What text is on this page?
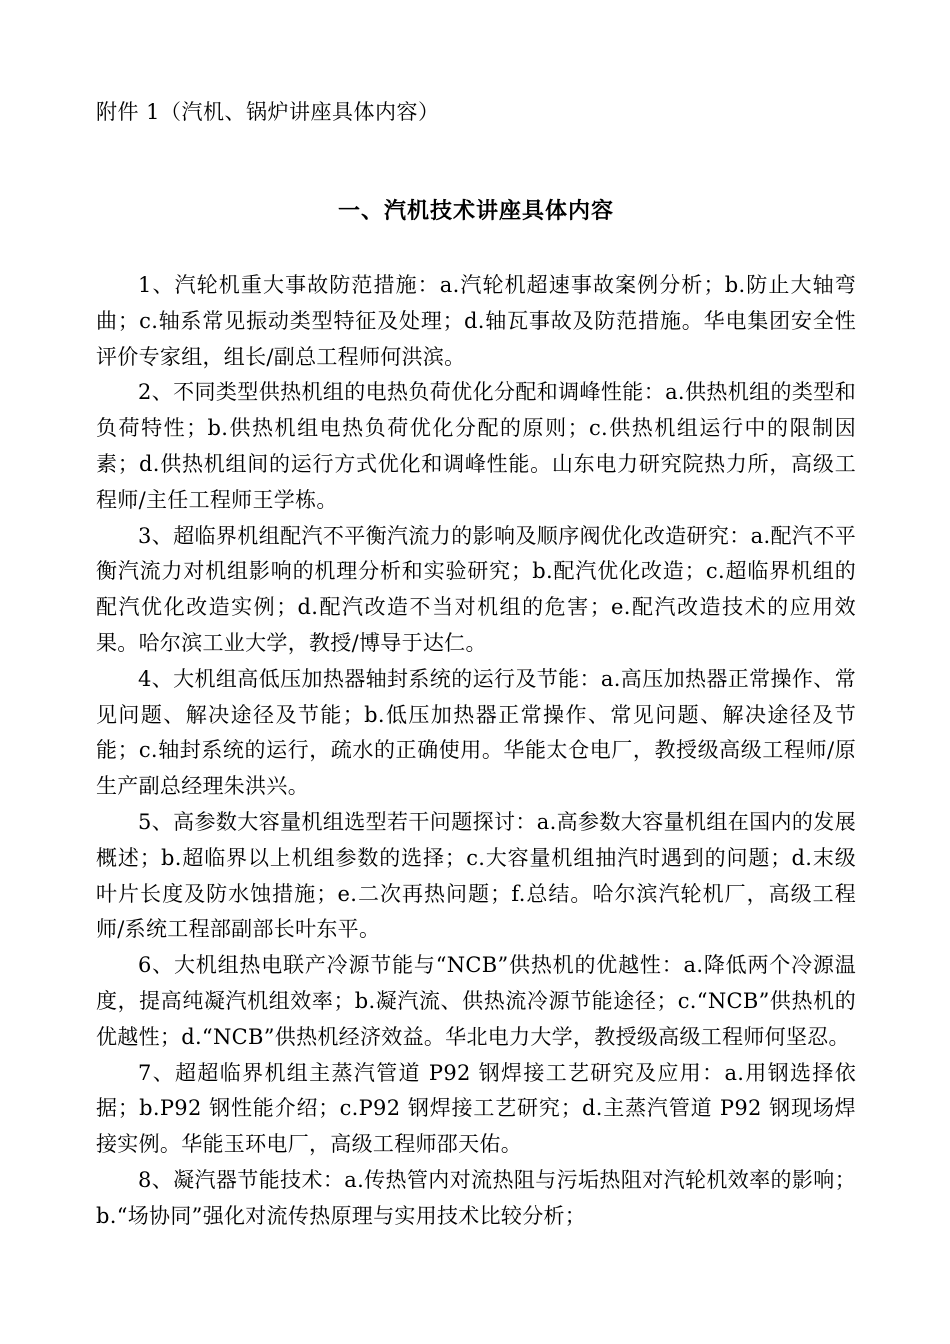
附件 1（汽机、锅炉讲座具体内容）

一、汽机技术讲座具体内容

1、汽轮机重大事故防范措施：a.汽轮机超速事故案例分析；b.防止大轴弯曲；c.轴系常见振动类型特征及处理；d.轴瓦事故及防范措施。华电集团安全性评价专家组，组长/副总工程师何洪滨。

2、不同类型供热机组的电热负荷优化分配和调峰性能：a.供热机组的类型和负荷特性；b.供热机组电热负荷优化分配的原则；c.供热机组运行中的限制因素；d.供热机组间的运行方式优化和调峰性能。山东电力研究院热力所，高级工程师/主任工程师王学栋。

3、超临界机组配汽不平衡汽流力的影响及顺序阀优化改造研究：a.配汽不平衡汽流力对机组影响的机理分析和实验研究；b.配汽优化改造；c.超临界机组的配汽优化改造实例；d.配汽改造不当对机组的危害；e.配汽改造技术的应用效果。哈尔滨工业大学，教授/博导于达仁。

4、大机组高低压加热器轴封系统的运行及节能：a.高压加热器正常操作、常见问题、解决途径及节能；b.低压加热器正常操作、常见问题、解决途径及节能；c.轴封系统的运行，疏水的正确使用。华能太仓电厂，教授级高级工程师/原生产副总经理朱洪兴。

5、高参数大容量机组选型若干问题探讨：a.高参数大容量机组在国内的发展概述；b.超临界以上机组参数的选择；c.大容量机组抽汽时遇到的问题；d.末级叶片长度及防水蚀措施；e.二次再热问题；f.总结。哈尔滨汽轮机厂，高级工程师/系统工程部副部长叶东平。

6、大机组热电联产冷源节能与“NCB”供热机的优越性：a.降低两个冷源温度，提高纯凝汽机组效率；b.凝汽流、供热流冷源节能途径；c.“NCB”供热机的优越性；d.“NCB”供热机经济效益。华北电力大学，教授级高级工程师何坚忍。

7、超超临界机组主蒸汽管道 P92 钢焊接工艺研究及应用：a.用钢选择依据；b.P92 钢性能介绍；c.P92 钢焊接工艺研究；d.主蒸汽管道 P92 钢现场焊接实例。华能玉环电厂，高级工程师邵天佑。

8、凝汽器节能技术：a.传热管内对流热阻与污垢热阻对汽轮机效率的影响；b.“场协同”强化对流传热原理与实用技术比较分析；
